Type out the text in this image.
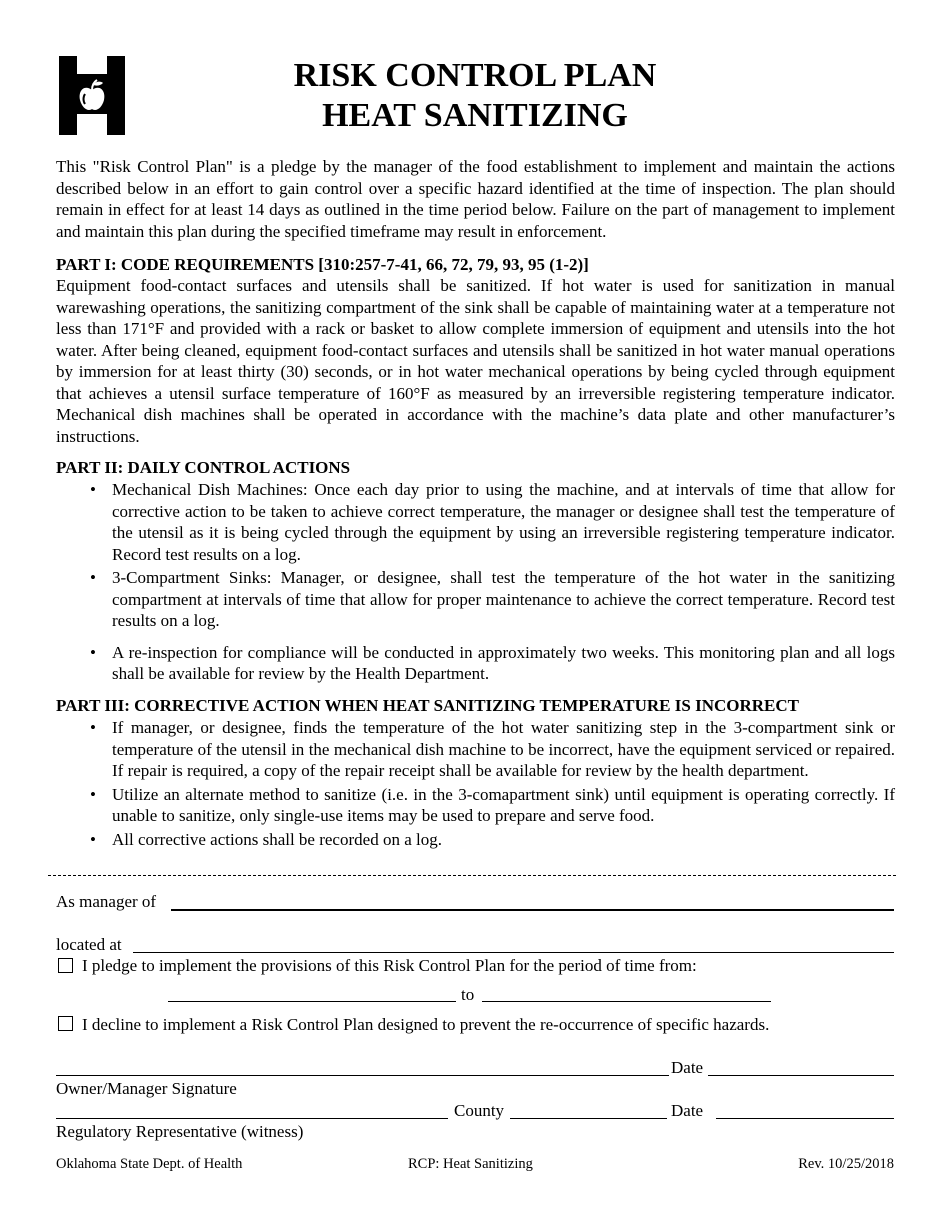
RISK CONTROL PLAN
HEAT SANITIZING
This "Risk Control Plan" is a pledge by the manager of the food establishment to implement and maintain the actions described below in an effort to gain control over a specific hazard identified at the time of inspection. The plan should remain in effect for at least 14 days as outlined in the time period below. Failure on the part of management to implement and maintain this plan during the specified timeframe may result in enforcement.
PART I: CODE REQUIREMENTS [310:257-7-41, 66, 72, 79, 93, 95 (1-2)]
Equipment food-contact surfaces and utensils shall be sanitized. If hot water is used for sanitization in manual warewashing operations, the sanitizing compartment of the sink shall be capable of maintaining water at a temperature not less than 171°F and provided with a rack or basket to allow complete immersion of equipment and utensils into the hot water. After being cleaned, equipment food-contact surfaces and utensils shall be sanitized in hot water manual operations by immersion for at least thirty (30) seconds, or in hot water mechanical operations by being cycled through equipment that achieves a utensil surface temperature of 160°F as measured by an irreversible registering temperature indicator. Mechanical dish machines shall be operated in accordance with the machine’s data plate and other manufacturer’s instructions.
PART II: DAILY CONTROL ACTIONS
• Mechanical Dish Machines: Once each day prior to using the machine, and at intervals of time that allow for corrective action to be taken to achieve correct temperature, the manager or designee shall test the temperature of the utensil as it is being cycled through the equipment by using an irreversible registering temperature indicator. Record test results on a log.
• 3-Compartment Sinks: Manager, or designee, shall test the temperature of the hot water in the sanitizing compartment at intervals of time that allow for proper maintenance to achieve the correct temperature. Record test results on a log.
• A re-inspection for compliance will be conducted in approximately two weeks. This monitoring plan and all logs shall be available for review by the Health Department.
PART III: CORRECTIVE ACTION WHEN HEAT SANITIZING TEMPERATURE IS INCORRECT
• If manager, or designee, finds the temperature of the hot water sanitizing step in the 3-compartment sink or temperature of the utensil in the mechanical dish machine to be incorrect, have the equipment serviced or repaired. If repair is required, a copy of the repair receipt shall be available for review by the health department.
• Utilize an alternate method to sanitize (i.e. in the 3-comapartment sink) until equipment is operating correctly. If unable to sanitize, only single-use items may be used to prepare and serve food.
• All corrective actions shall be recorded on a log.
As manager of
located at
I pledge to implement the provisions of this Risk Control Plan for the period of time from:
to
I decline to implement a Risk Control Plan designed to prevent the re-occurrence of specific hazards.
Date
Owner/Manager Signature
County	Date
Regulatory Representative (witness)
Oklahoma State Dept. of Health	RCP: Heat Sanitizing	Rev. 10/25/2018
